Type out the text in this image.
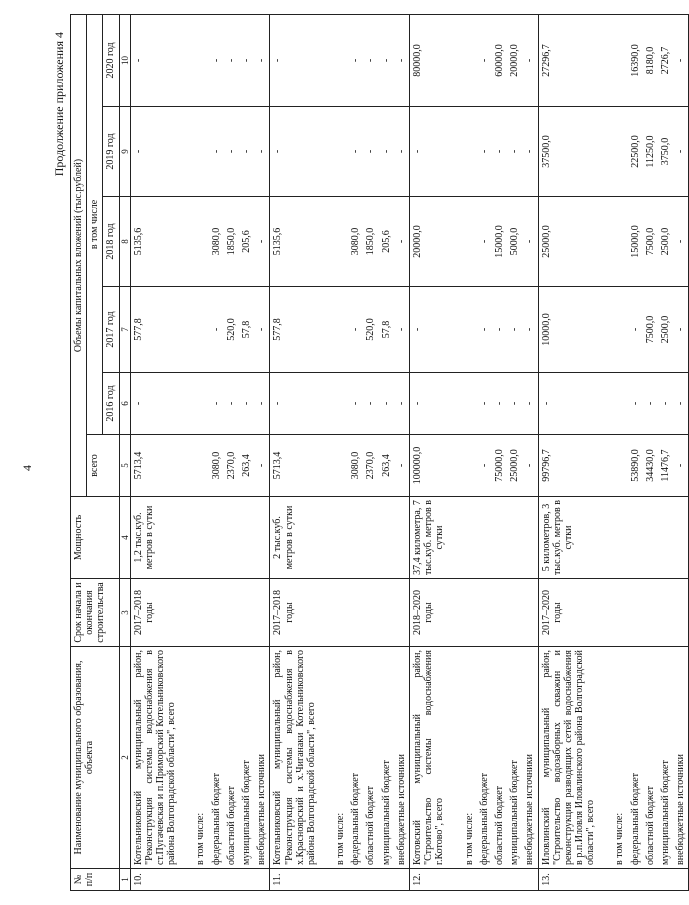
4
Продолжение приложения 4
№ п/п	Наименование муниципального образования, объекта	Срок начала и окончания строительства	Мощность	Объемы капитальных вложений (тыс.рублей)					
				всего	в том числе				
					2016 год	2017 год	2018 год	2019 год	2020 год
1	2	3	4	5	6	7	8	9	10
10.	Котельниковский муниципальный район, "Реконструкция системы водоснабжения в ст.Пугачевская и п.Приморский Котельниковского района Волгоградской области", всего	2017–2018 годы	1,2 тыс.куб. метров в сутки	5713,4	-	577,8	5135,6	-	-

	в том числе:								
	федеральный бюджет			3080,0	-	-	3080,0	-	-
	областной бюджет			2370,0	-	520,0	1850,0	-	-
	муниципальный бюджет			263,4	-	57,8	205,6	-	-
	внебюджетные источники			-	-	-	-	-	-
11.	Котельниковский муниципальный район, "Реконструкция системы водоснабжения в х.Красноярский и х.Чиганаки Котельниковского района Волгоградской области", всего	2017–2018 годы	2 тыс.куб. метров в сутки	5713,4	-	577,8	5135,6	-	-

	в том числе:								
	федеральный бюджет			3080,0	-	-	3080,0	-	-
	областной бюджет			2370,0	-	520,0	1850,0	-	-
	муниципальный бюджет			263,4	-	57,8	205,6	-	-
	внебюджетные источники			-	-	-	-	-	-
12.	Котовский муниципальный район, "Строительство системы водоснабжения г.Котово", всего	2018–2020 годы	37,4 километра, 7 тыс.куб. метров в сутки	100000,0	-	-	20000,0	-	80000,0

	в том числе:								
	федеральный бюджет			-	-	-	-	-	-
	областной бюджет			75000,0	-	-	15000,0	-	60000,0
	муниципальный бюджет			25000,0	-	-	5000,0	-	20000,0
	внебюджетные источники			-	-	-	-	-	-
13.	Иловлинский муниципальный район, "Строительство водозаборных скважин и реконструкция разводящих сетей водоснабжения в р.п.Иловля Иловлинского района Волгоградской области", всего	2017–2020 годы	5 километров, 3 тыс.куб. метров в сутки	99796,7	-	10000,0	25000,0	37500,0	27296,7

	в том числе:								
	федеральный бюджет			53890,0	-	-	15000,0	22500,0	16390,0
	областной бюджет			34430,0	-	7500,0	7500,0	11250,0	8180,0
	муниципальный бюджет			11476,7	-	2500,0	2500,0	3750,0	2726,7
	внебюджетные источники			-	-	-	-	-	-
